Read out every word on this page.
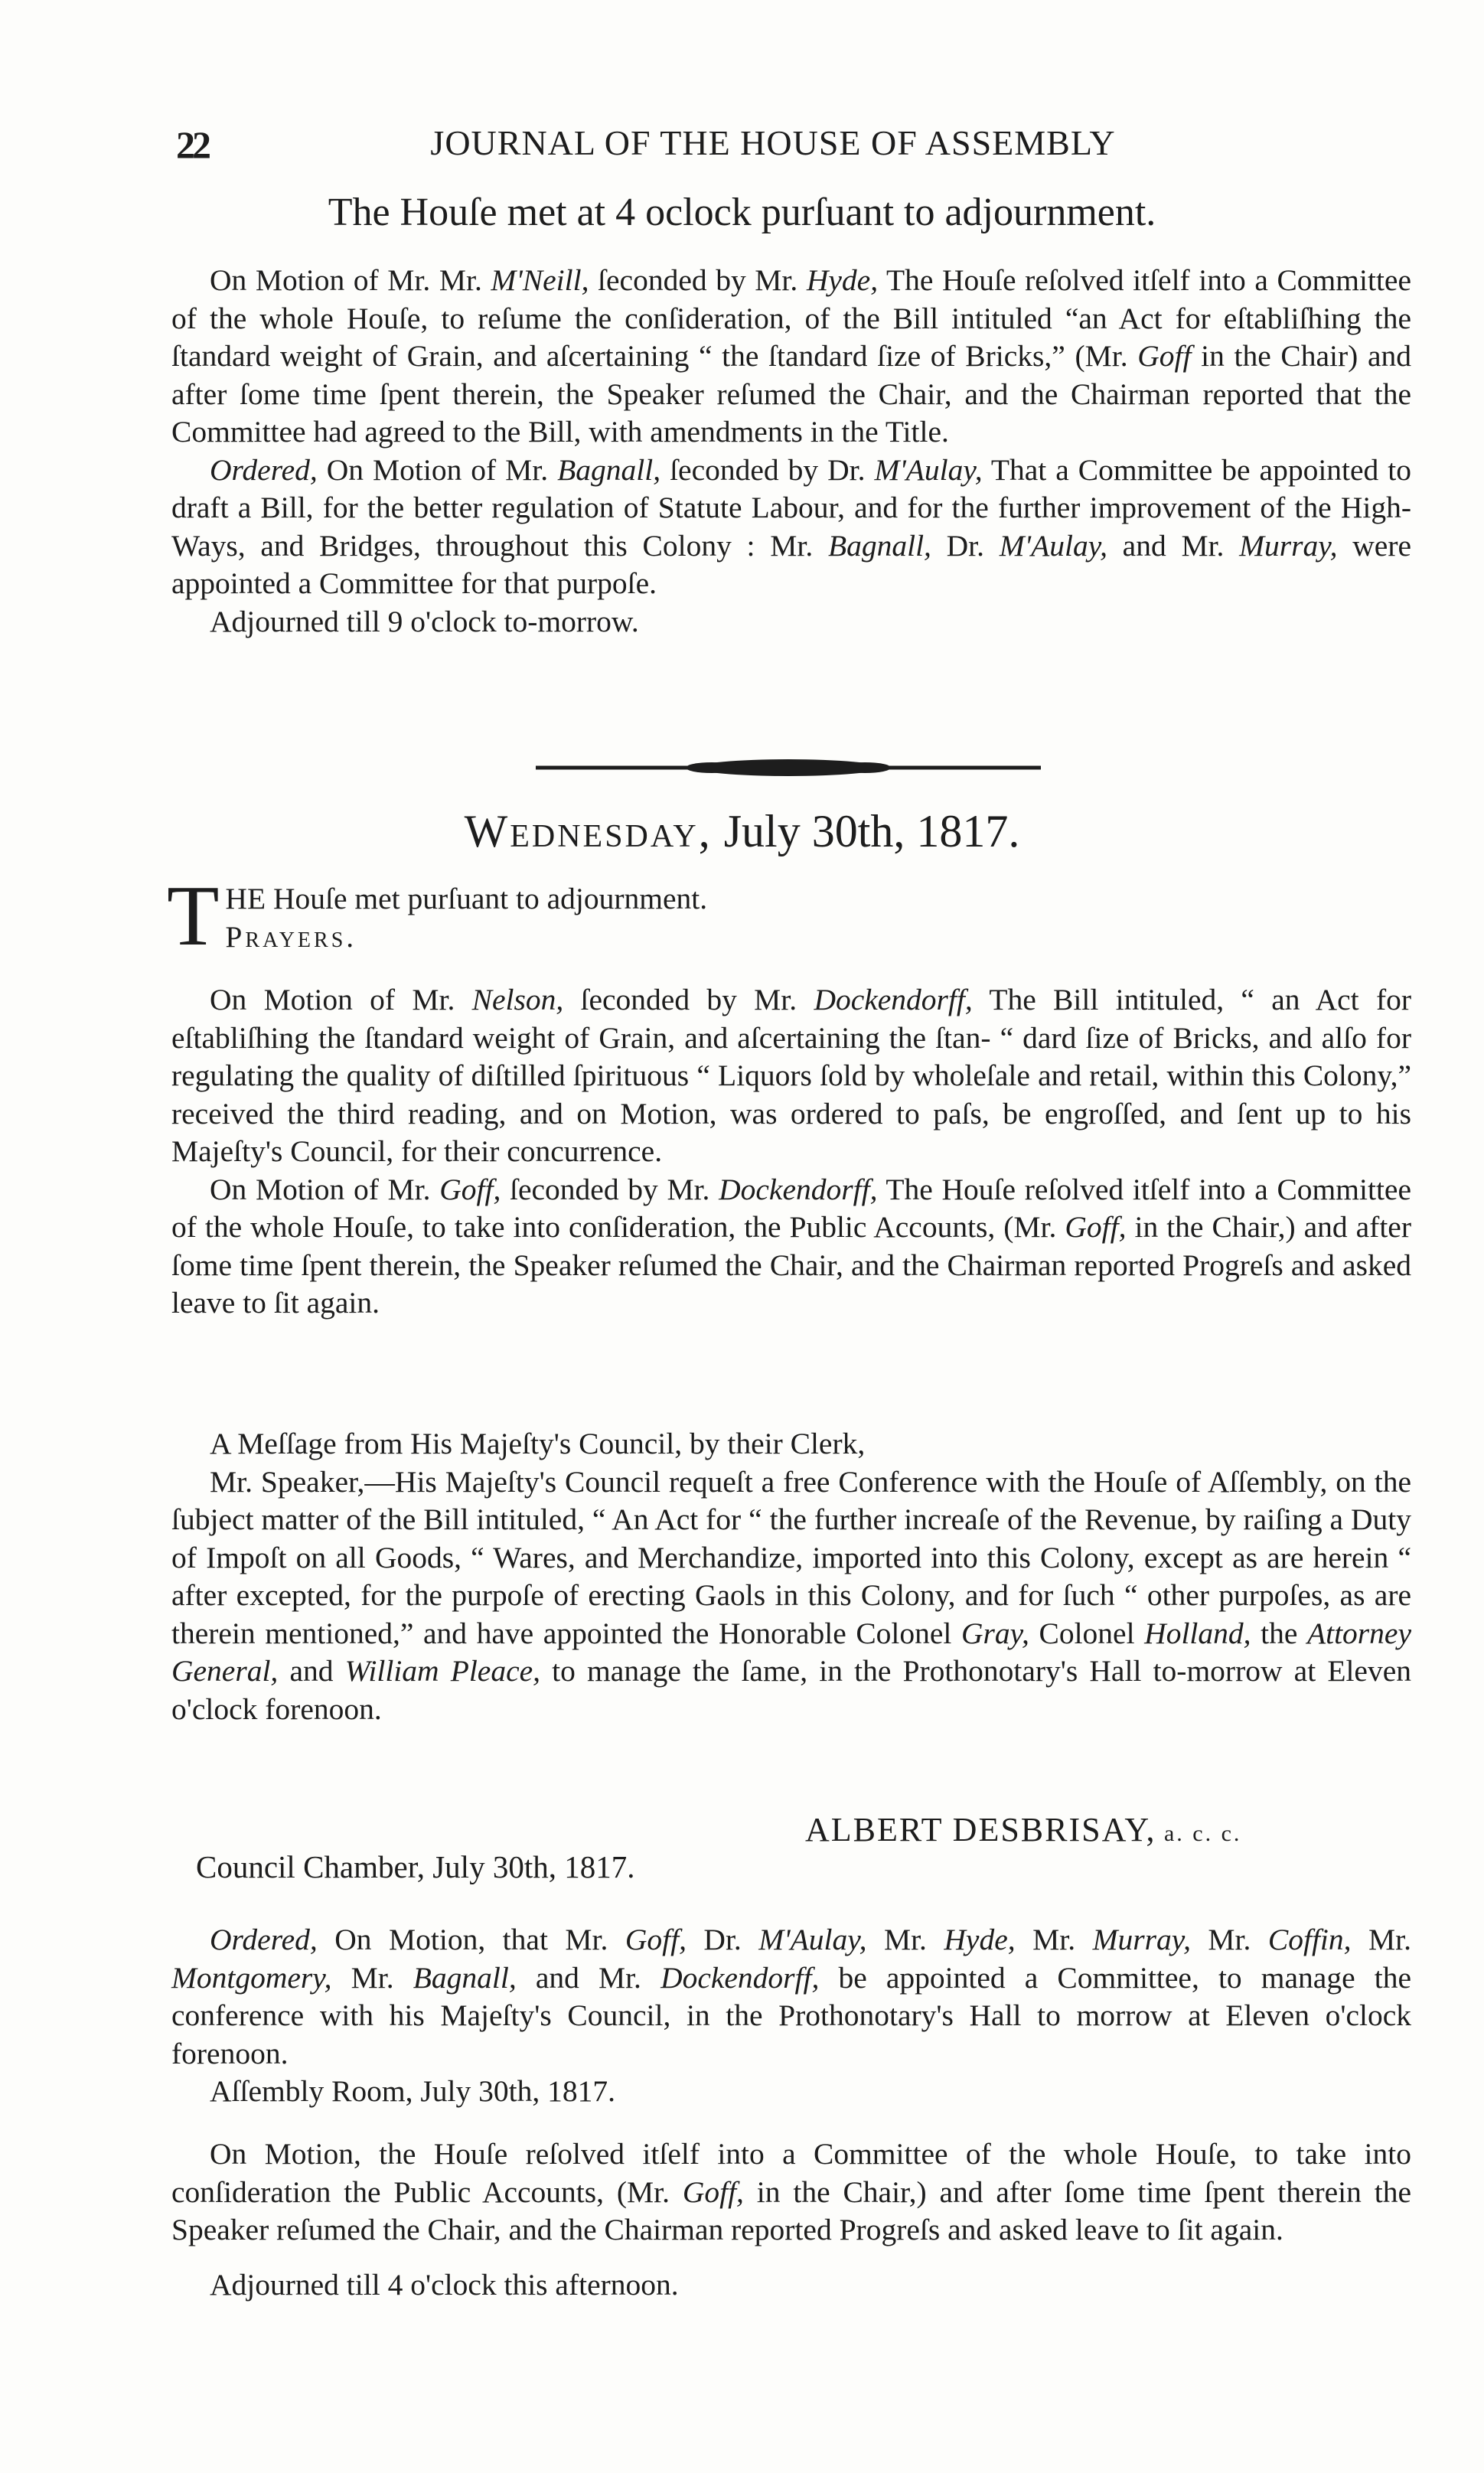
JOURNAL OF THE HOUSE OF ASSEMBLY
22
The Houſe met at 4 oclock purſuant to adjournment.

On Motion of Mr. Mr. M'Neill, ſeconded by Mr. Hyde, The Houſe reſolved itſelf into a Committee of the whole Houſe, to reſume the conſideration, of the Bill intituled “an Act for eſtabliſhing the ſtandard weight of Grain, and aſcertaining “ the ſtandard ſize of Bricks,” (Mr. Goff in the Chair) and after ſome time ſpent therein, the Speaker reſumed the Chair, and the Chairman reported that the Committee had agreed to the Bill, with amendments in the Title.

Ordered, On Motion of Mr. Bagnall, ſeconded by Dr. M'Aulay, That a Committee be appointed to draft a Bill, for the better regulation of Statute Labour, and for the further improvement of the High-Ways, and Bridges, throughout this Colony : Mr. Bagnall, Dr. M'Aulay, and Mr. Murray, were appointed a Committee for that purpoſe.

Adjourned till 9 o'clock to-morrow.

Wednesday, July 30th, 1817.
T HE Houſe met purſuant to adjournment.

Prayers.

On Motion of Mr. Nelson, ſeconded by Mr. Dockendorff, The Bill intituled, “ an Act for eſtabliſhing the ſtandard weight of Grain, and aſcertaining the ſtan- “ dard ſize of Bricks, and alſo for regulating the quality of diſtilled ſpirituous “ Liquors ſold by wholeſale and retail, within this Colony,” received the third reading, and on Motion, was ordered to paſs, be engroſſed, and ſent up to his Majeſty's Council, for their concurrence.

On Motion of Mr. Goff, ſeconded by Mr. Dockendorff, The Houſe reſolved itſelf into a Committee of the whole Houſe, to take into conſideration, the Public Accounts, (Mr. Goff, in the Chair,) and after ſome time ſpent therein, the Speaker reſumed the Chair, and the Chairman reported Progreſs and asked leave to ſit again.

A Meſſage from His Majeſty's Council, by their Clerk,

Mr. Speaker,—His Majeſty's Council requeſt a free Conference with the Houſe of Aſſembly, on the ſubject matter of the Bill intituled, “ An Act for “ the further increaſe of the Revenue, by raiſing a Duty of Impoſt on all Goods, “ Wares, and Merchandize, imported into this Colony, except as are herein “ after excepted, for the purpoſe of erecting Gaols in this Colony, and for ſuch “ other purpoſes, as are therein mentioned,” and have appointed the Honorable Colonel Gray, Colonel Holland, the Attorney General, and William Pleace, to manage the ſame, in the Prothonotary's Hall to-morrow at Eleven o'clock forenoon.

ALBERT DESBRISAY, a. c. c.
Council Chamber, July 30th, 1817.

Ordered, On Motion, that Mr. Goff, Dr. M'Aulay, Mr. Hyde, Mr. Murray, Mr. Coffin, Mr. Montgomery, Mr. Bagnall, and Mr. Dockendorff, be appointed a Committee, to manage the conference with his Majeſty's Council, in the Prothonotary's Hall to morrow at Eleven o'clock forenoon.

Aſſembly Room, July 30th, 1817.

On Motion, the Houſe reſolved itſelf into a Committee of the whole Houſe, to take into conſideration the Public Accounts, (Mr. Goff, in the Chair,) and after ſome time ſpent therein the Speaker reſumed the Chair, and the Chairman reported Progreſs and asked leave to ſit again.

Adjourned till 4 o'clock this afternoon.
